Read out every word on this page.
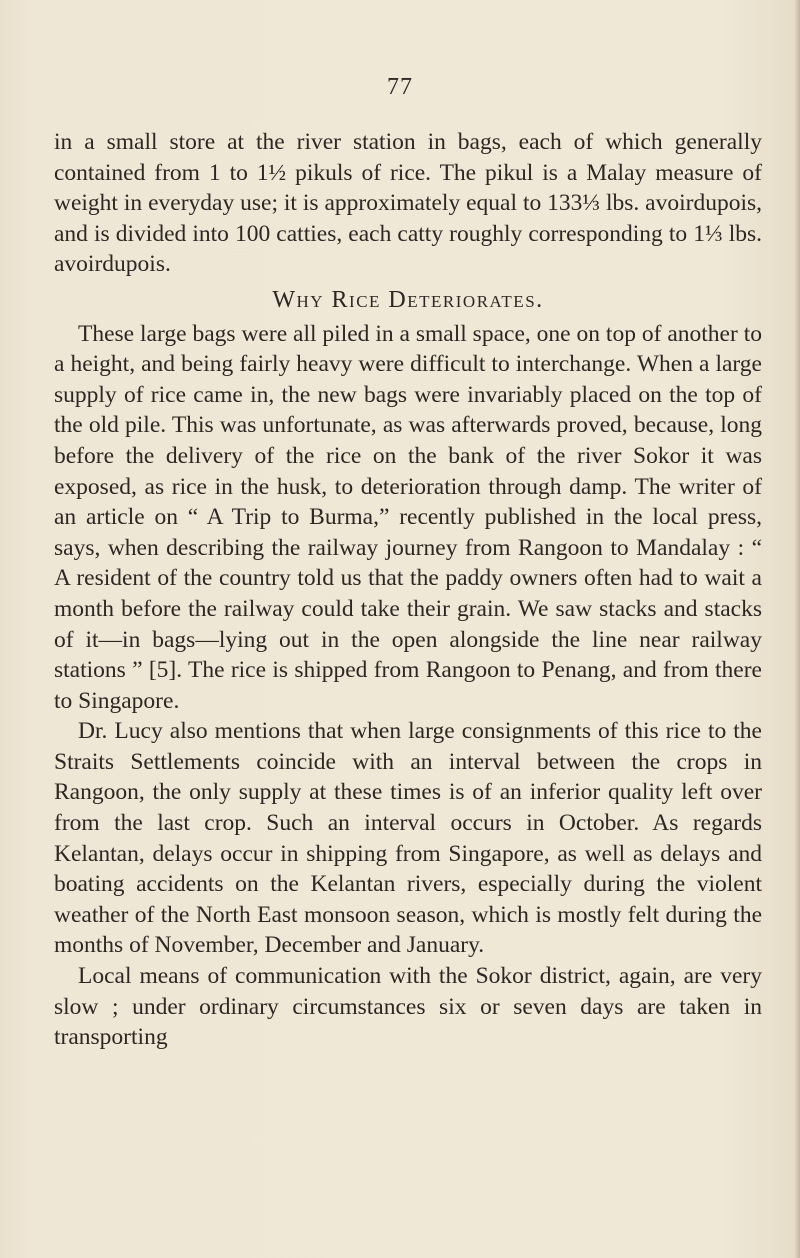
77

in a small store at the river station in bags, each of which generally contained from 1 to 1½ pikuls of rice. The pikul is a Malay measure of weight in everyday use; it is approximately equal to 133⅓ lbs. avoirdupois, and is divided into 100 catties, each catty roughly corresponding to 1⅓ lbs. avoirdupois.

Why Rice Deteriorates.

These large bags were all piled in a small space, one on top of another to a height, and being fairly heavy were difficult to interchange. When a large supply of rice came in, the new bags were invariably placed on the top of the old pile. This was unfortunate, as was afterwards proved, because, long before the delivery of the rice on the bank of the river Sokor it was exposed, as rice in the husk, to deterioration through damp. The writer of an article on “ A Trip to Burma,” recently published in the local press, says, when describing the railway journey from Rangoon to Mandalay : “ A resident of the country told us that the paddy owners often had to wait a month before the railway could take their grain. We saw stacks and stacks of it—in bags—lying out in the open alongside the line near railway stations ” [5]. The rice is shipped from Rangoon to Penang, and from there to Singapore.

Dr. Lucy also mentions that when large consignments of this rice to the Straits Settlements coincide with an interval between the crops in Rangoon, the only supply at these times is of an inferior quality left over from the last crop. Such an interval occurs in October. As regards Kelantan, delays occur in shipping from Singapore, as well as delays and boating accidents on the Kelantan rivers, especially during the violent weather of the North East monsoon season, which is mostly felt during the months of November, December and January.

Local means of communication with the Sokor district, again, are very slow ; under ordinary circumstances six or seven days are taken in transporting
